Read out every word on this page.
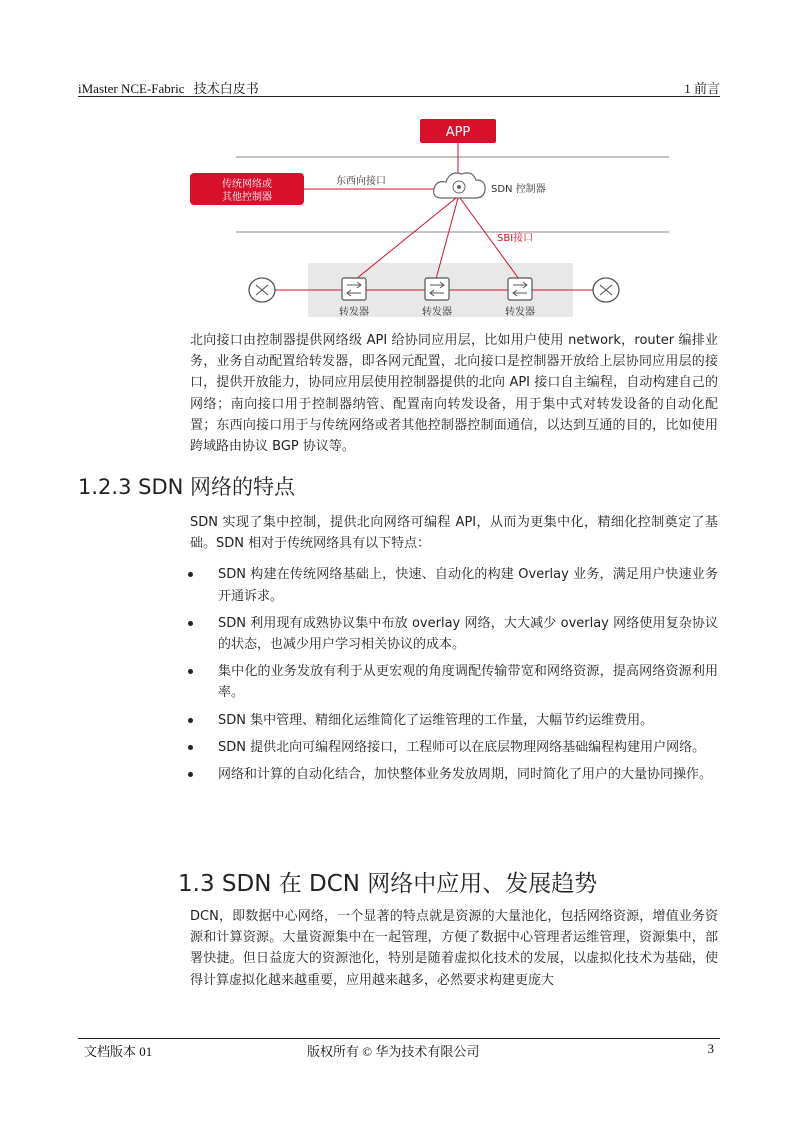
iMaster NCE-Fabric 技术白皮书	1 前言
APP
传统网络或
其他控制器
东西向接口
SDN 控制器
SBI接口
转发器	转发器	转发器

北向接口由控制器提供网络级 API 给协同应用层，比如用户使用 network，router 编排业务，业务自动配置给转发器，即各网元配置，北向接口是控制器开放给上层协同应用层的接口，提供开放能力，协同应用层使用控制器提供的北向 API 接口自主编程，自动构建自己的网络；南向接口用于控制器纳管、配置南向转发设备，用于集中式对转发设备的自动化配置；东西向接口用于与传统网络或者其他控制器控制面通信，以达到互通的目的，比如使用跨域路由协议 BGP 协议等。

1.2.3 SDN 网络的特点

SDN 实现了集中控制，提供北向网络可编程 API，从而为更集中化，精细化控制奠定了基础。SDN 相对于传统网络具有以下特点：

SDN 构建在传统网络基础上，快速、自动化的构建 Overlay 业务，满足用户快速业务开通诉求。
SDN 利用现有成熟协议集中布放 overlay 网络，大大减少 overlay 网络使用复杂协议的状态，也减少用户学习相关协议的成本。
集中化的业务发放有利于从更宏观的角度调配传输带宽和网络资源，提高网络资源利用率。
SDN 集中管理、精细化运维简化了运维管理的工作量，大幅节约运维费用。
SDN 提供北向可编程网络接口，工程师可以在底层物理网络基础编程构建用户网络。
网络和计算的自动化结合，加快整体业务发放周期，同时简化了用户的大量协同操作。
1.3 SDN 在 DCN 网络中应用、发展趋势

DCN，即数据中心网络，一个显著的特点就是资源的大量池化，包括网络资源，增值业务资源和计算资源。大量资源集中在一起管理，方便了数据中心管理者运维管理，资源集中，部署快捷。但日益庞大的资源池化，特别是随着虚拟化技术的发展，以虚拟化技术为基础，使得计算虚拟化越来越重要，应用越来越多，必然要求构建更庞大

文档版本 01	版权所有 © 华为技术有限公司	3
